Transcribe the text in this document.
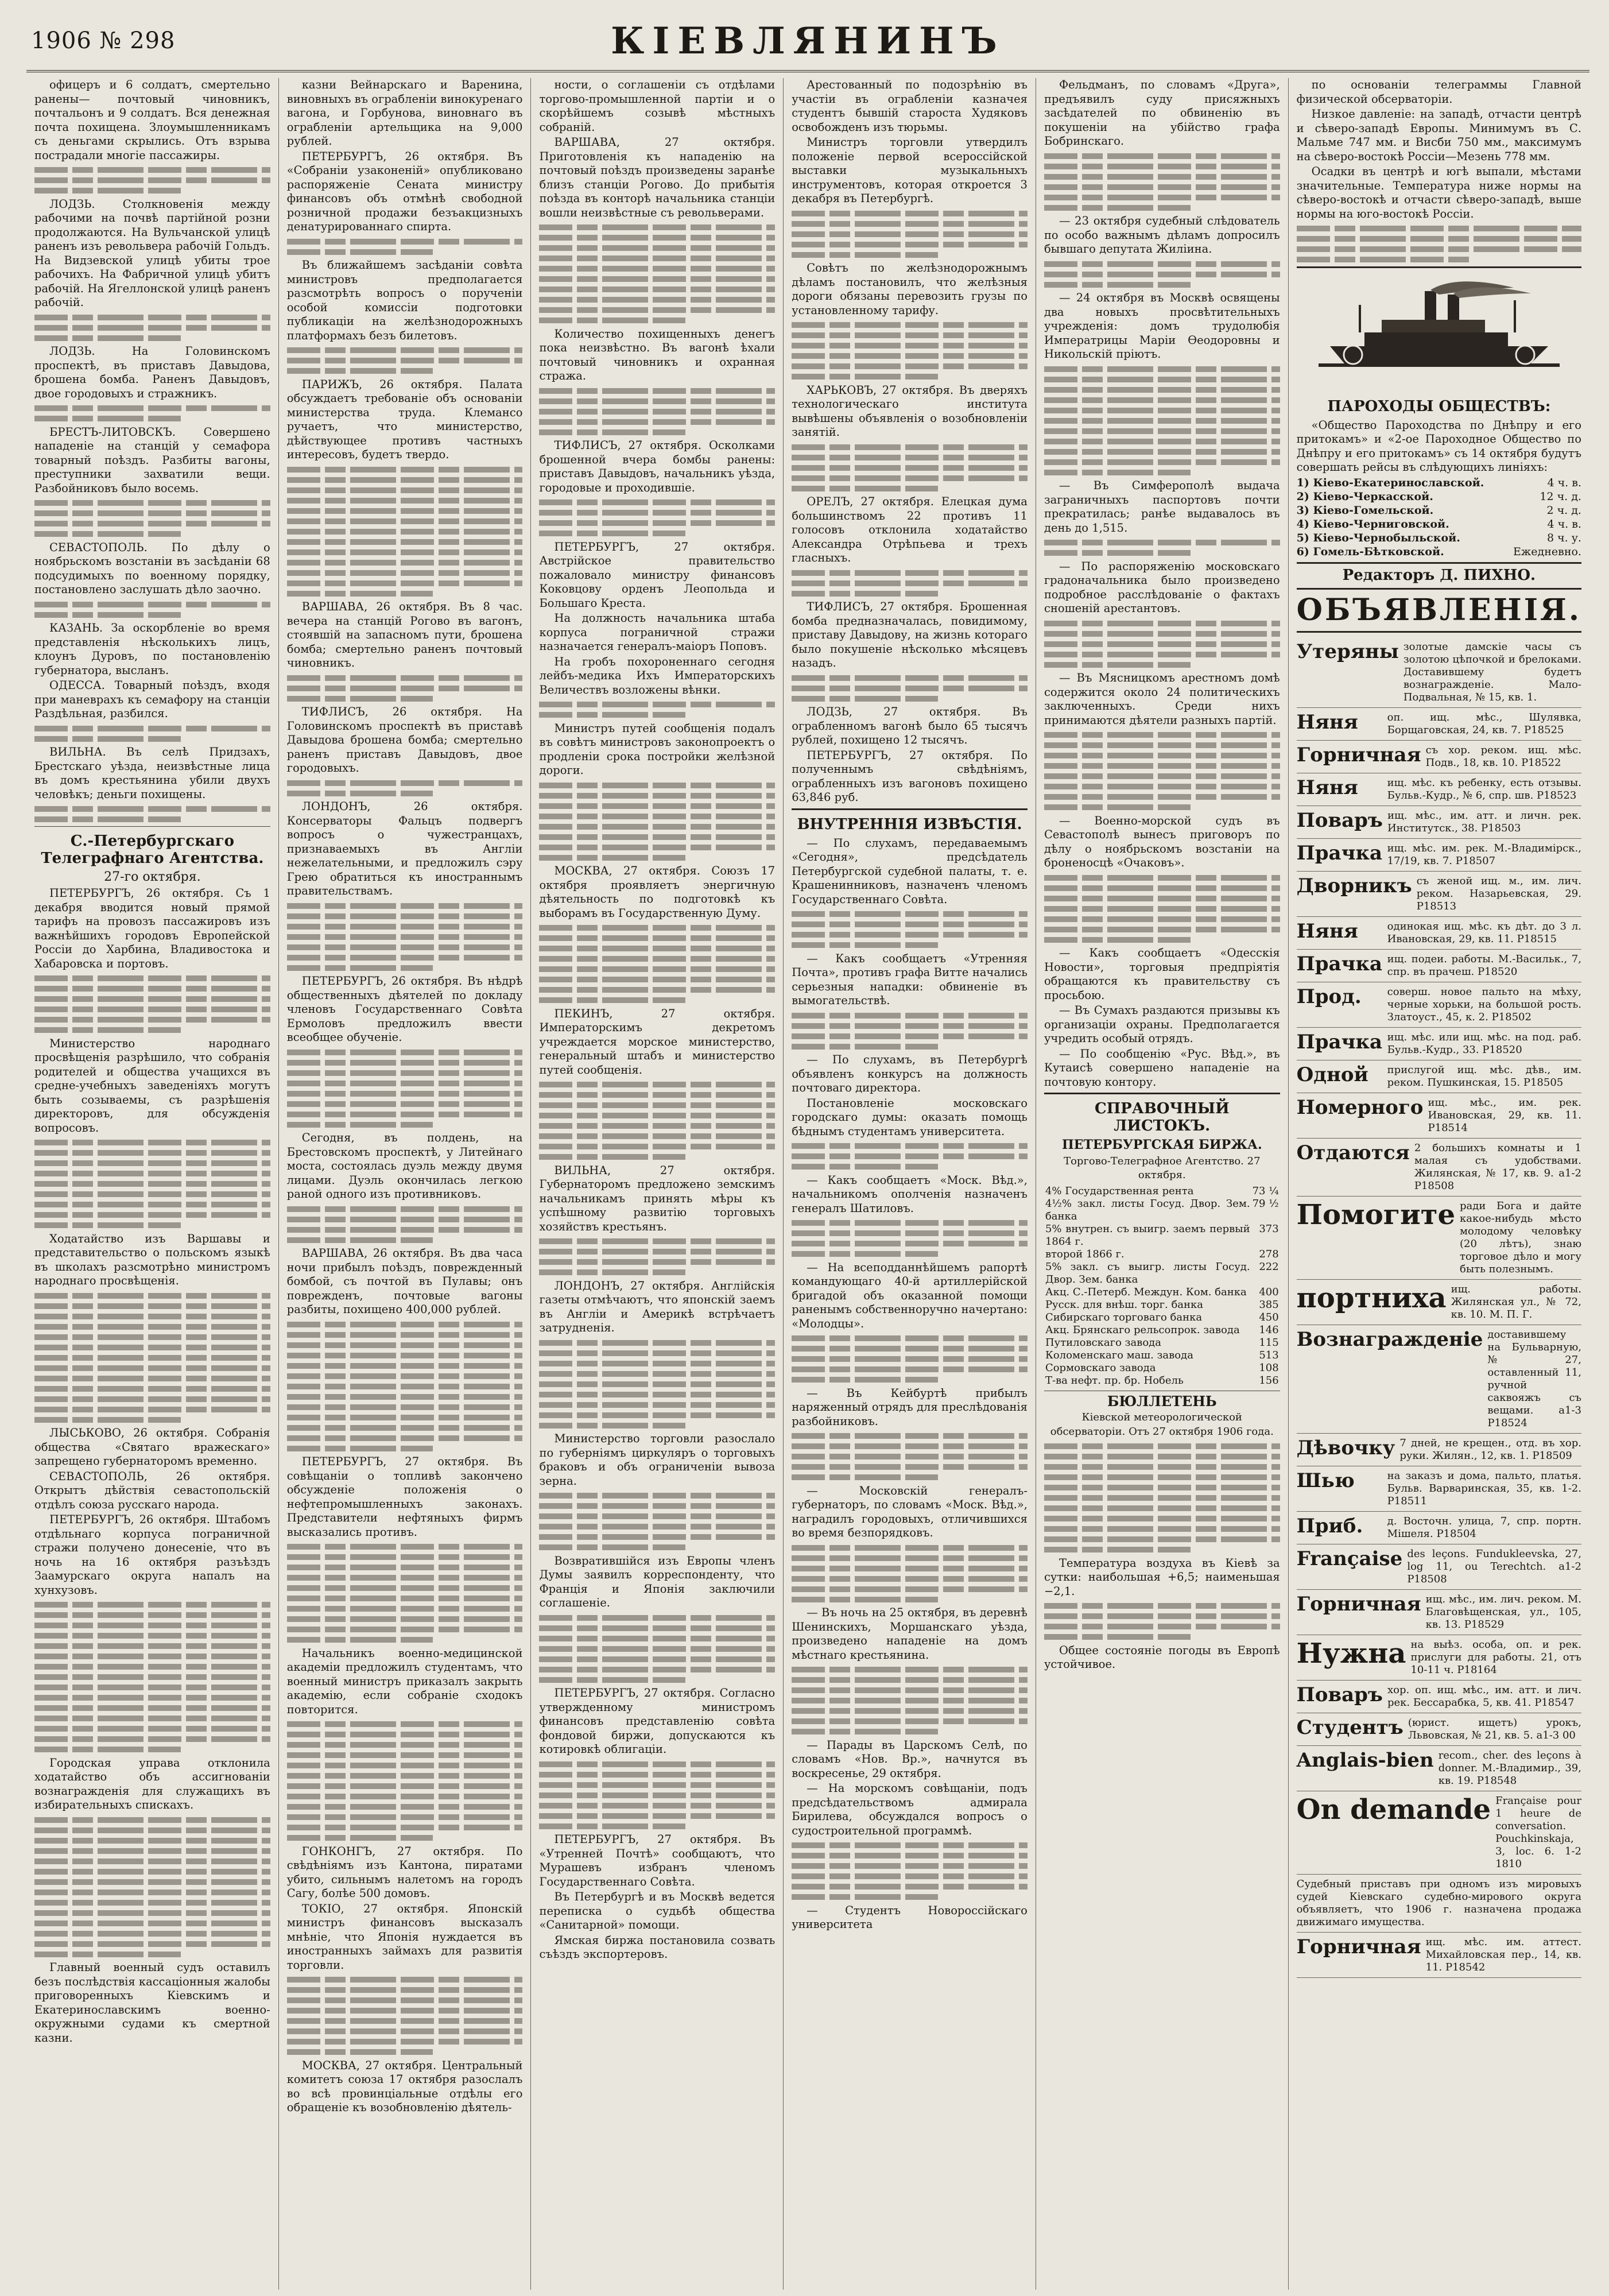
1906 № 298	КІЕВЛЯНИНЪ

офицеръ и 6 солдатъ, смертельно ранены— почтовый чиновникъ, почтальонъ и 9 солдатъ. Вся денежная почта похищена. Злоумышленникамъ съ деньгами скрылись. Отъ взрыва пострадали многіе пассажиры.

ЛОДЗЬ. Столкновенія между рабочими на почвѣ партійной розни продолжаются. На Вульчанской улицѣ раненъ изъ револьвера рабочій Гольдъ. На Видзевской улицѣ убиты трое рабочихъ. На Фабричной улицѣ убитъ рабочій. На Ягеллонской улицѣ раненъ рабочій.

ЛОДЗЬ. На Головинскомъ проспектѣ, въ приставъ Давыдова, брошена бомба. Раненъ Давыдовъ, двое городовыхъ и стражникъ.

БРЕСТЪ-ЛИТОВСКЪ. Совершено нападеніе на станцій у семафора товарный поѣздъ. Разбиты вагоны, преступники захватили вещи. Разбойниковъ было восемь.

СЕВАСТОПОЛЬ. По дѣлу о ноябрьскомъ возстаніи въ засѣданіи 68 подсудимыхъ по военному порядку, постановлено заслушать дѣло заочно.

КАЗАНЬ. За оскорбленіе во время представленія нѣсколькихъ лицъ, клоунъ Дуровъ, по постановленію губернатора, высланъ.

ОДЕССА. Товарный поѣздъ, входя при маневрахъ къ семафору на станціи Раздѣльная, разбился.

ВИЛЬНА. Въ селѣ Придзахъ, Брестскаго уѣзда, неизвѣстные лица въ домъ крестьянина убили двухъ человѣкъ; деньги похищены.

С.-Петербургскаго Телеграфнаго Агентства.

27-го октября.

ПЕТЕРБУРГЪ, 26 октября. Съ 1 декабря вводится новый прямой тарифъ на провозъ пассажировъ изъ важнѣйшихъ городовъ Европейской Россіи до Харбина, Владивостока и Хабаровска и портовъ.

Министерство народнаго просвѣщенія разрѣшило, что собранія родителей и общества учащихся въ средне-учебныхъ заведеніяхъ могутъ быть созываемы, съ разрѣшенія директоровъ, для обсужденія вопросовъ.

Ходатайство изъ Варшавы и представительство о польскомъ языкѣ въ школахъ разсмотрѣно министромъ народнаго просвѣщенія.

ЛЫСЬКОВО, 26 октября. Собранія общества «Святаго вражескаго» запрещено губернаторомъ временно.

СЕВАСТОПОЛЬ, 26 октября. Открытъ дѣйствія севастопольскій отдѣлъ союза русскаго народа.

ПЕТЕРБУРГЪ, 26 октября. Штабомъ отдѣльнаго корпуса пограничной стражи получено донесеніе, что въ ночь на 16 октября разъѣздъ Заамурскаго округа напалъ на хунхузовъ.

Городская управа отклонила ходатайство объ ассигнованіи вознагражденія для служащихъ въ избирательныхъ спискахъ.

Главный военный судъ оставилъ безъ послѣдствія кассаціонныя жалобы приговоренныхъ Кіевскимъ и Екатеринославскимъ военно-окружными судами къ смертной казни.

казни Вейнарскаго и Варенина, виновныхъ въ ограбленіи винокуренаго вагона, и Горбунова, виновнаго въ ограбленіи артельщика на 9,000 рублей.

ПЕТЕРБУРГЪ, 26 октября. Въ «Собраніи узаконеній» опубликовано распоряженіе Сената министру финансовъ объ отмѣнѣ свободной розничной продажи безъакцизныхъ денатурированнаго спирта.

Въ ближайшемъ засѣданіи совѣта министровъ предполагается разсмотрѣть вопросъ о порученіи особой комиссіи подготовки публикаціи на желѣзнодорожныхъ платформахъ безъ билетовъ.

ПАРИЖЪ, 26 октября. Палата обсуждаетъ требованіе объ основаніи министерства труда. Клемансо ручаетъ, что министерство, дѣйствующее противъ частныхъ интересовъ, будетъ твердо.

ВАРШАВА, 26 октября. Въ 8 час. вечера на станцій Рогово въ вагонъ, стоявшій на запасномъ пути, брошена бомба; смертельно раненъ почтовый чиновникъ.

ТИФЛИСЪ, 26 октября. На Головинскомъ проспектѣ въ приставѣ Давыдова брошена бомба; смертельно раненъ приставъ Давыдовъ, двое городовыхъ.

ЛОНДОНЪ, 26 октября. Консерваторы Фальцъ подвергъ вопросъ о чужестранцахъ, признаваемыхъ въ Англіи нежелательными, и предложилъ сэру Грею обратиться къ иностраннымъ правительствамъ.

ПЕТЕРБУРГЪ, 26 октября. Въ нѣдрѣ общественныхъ дѣятелей по докладу членовъ Государственнаго Совѣта Ермоловъ предложилъ ввести всеобщее обученіе.

Сегодня, въ полдень, на Брестовскомъ проспектѣ, у Литейнаго моста, состоялась дуэль между двумя лицами. Дуэль окончилась легкою раной одного изъ противниковъ.

ВАРШАВА, 26 октября. Въ два часа ночи прибылъ поѣздъ, поврежденный бомбой, съ почтой въ Пулавы; онъ поврежденъ, почтовые вагоны разбиты, похищено 400,000 рублей.

ПЕТЕРБУРГЪ, 27 октября. Въ совѣщаніи о топливѣ закончено обсужденіе положенія о нефтепромышленныхъ законахъ. Представители нефтяныхъ фирмъ высказались противъ.

Начальникъ военно-медицинской академіи предложилъ студентамъ, что военный министръ приказалъ закрыть академію, если собраніе сходокъ повторится.

ГОНКОНГЪ, 27 октября. По свѣдѣніямъ изъ Кантона, пиратами убито, сильнымъ налетомъ на городъ Сагу, болѣе 500 домовъ.

ТОКІО, 27 октября. Японскій министръ финансовъ высказалъ мнѣніе, что Японія нуждается въ иностранныхъ займахъ для развитія торговли.

МОСКВА, 27 октября. Центральный комитетъ союза 17 октября разослалъ во всѣ провинціальные отдѣлы его обращеніе къ возобновленію дѣятель-

ности, о соглашеніи съ отдѣлами торгово-промышленной партіи и о скорѣйшемъ созывѣ мѣстныхъ собраній.

ВАРШАВА, 27 октября. Приготовленія къ нападенію на почтовый поѣздъ произведены заранѣе близъ станціи Рогово. До прибытія поѣзда въ конторѣ начальника станціи вошли неизвѣстные съ револьверами.

Количество похищенныхъ денегъ пока неизвѣстно. Въ вагонѣ ѣхали почтовый чиновникъ и охранная стража.

ТИФЛИСЪ, 27 октября. Осколками брошенной вчера бомбы ранены: приставъ Давыдовъ, начальникъ уѣзда, городовые и проходившіе.

ПЕТЕРБУРГЪ, 27 октября. Австрійское правительство пожаловало министру финансовъ Коковцову орденъ Леопольда и Большаго Креста.

На должность начальника штаба корпуса пограничной стражи назначается генералъ-маіоръ Поповъ.

На гробъ похороненнаго сегодня лейбъ-медика Ихъ Императорскихъ Величествъ возложены вѣнки.

Министръ путей сообщенія подалъ въ совѣтъ министровъ законопроектъ о продленіи срока постройки желѣзной дороги.

МОСКВА, 27 октября. Союзъ 17 октября проявляетъ энергичную дѣятельность по подготовкѣ къ выборамъ въ Государственную Думу.

ПЕКИНЪ, 27 октября. Императорскимъ декретомъ учреждается морское министерство, генеральный штабъ и министерство путей сообщенія.

ВИЛЬНА, 27 октября. Губернаторомъ предложено земскимъ начальникамъ принять мѣры къ успѣшному развитію торговыхъ хозяйствъ крестьянъ.

ЛОНДОНЪ, 27 октября. Англійскія газеты отмѣчаютъ, что японскій заемъ въ Англіи и Америкѣ встрѣчаетъ затрудненія.

Министерство торговли разослало по губерніямъ циркуляръ о торговыхъ браковъ и объ ограниченіи вывоза зерна.

Возвратившійся изъ Европы членъ Думы заявилъ корреспонденту, что Франція и Японія заключили соглашеніе.

ПЕТЕРБУРГЪ, 27 октября. Согласно утвержденному министромъ финансовъ представленію совѣта фондовой биржи, допускаются къ котировкѣ облигаціи.

ПЕТЕРБУРГЪ, 27 октября. Въ «Утренней Почтѣ» сообщаютъ, что Мурашевъ избранъ членомъ Государственнаго Совѣта.

Въ Петербургѣ и въ Москвѣ ведется переписка о судьбѣ общества «Санитарной» помощи.

Ямская биржа постановила созвать съѣздъ экспортеровъ.

Арестованный по подозрѣнію въ участіи въ ограбленіи казначея студентъ бывшій староста Худяковъ освобожденъ изъ тюрьмы.

Министръ торговли утвердилъ положеніе первой всероссійской выставки музыкальныхъ инструментовъ, которая откроется 3 декабря въ Петербургѣ.

Совѣтъ по желѣзнодорожнымъ дѣламъ постановилъ, что желѣзныя дороги обязаны перевозить грузы по установленному тарифу.

ХАРЬКОВЪ, 27 октября. Въ дверяхъ технологическаго института вывѣшены объявленія о возобновленіи занятій.

ОРЕЛЪ, 27 октября. Елецкая дума большинствомъ 22 противъ 11 голосовъ отклонила ходатайство Александра Отрѣпьева и трехъ гласныхъ.

ТИФЛИСЪ, 27 октября. Брошенная бомба предназначалась, повидимому, приставу Давыдову, на жизнь котораго было покушеніе нѣсколько мѣсяцевъ назадъ.

ЛОДЗЬ, 27 октября. Въ ограбленномъ вагонѣ было 65 тысячъ рублей, похищено 12 тысячъ.

ПЕТЕРБУРГЪ, 27 октября. По полученнымъ свѣдѣніямъ, ограбленныхъ изъ вагоновъ похищено 63,846 руб.

ВНУТРЕННІЯ ИЗВѢСТІЯ.

— По слухамъ, передаваемымъ «Сегодня», предсѣдатель Петербургской судебной палаты, т. е. Крашенинниковъ, назначенъ членомъ Государственнаго Совѣта.

— Какъ сообщаетъ «Утренняя Почта», противъ графа Витте начались серьезныя нападки: обвиненіе въ вымогательствѣ.

— По слухамъ, въ Петербургѣ объявленъ конкурсъ на должность почтоваго директора.

Постановленіе московскаго городскаго думы: оказать помощь бѣднымъ студентамъ университета.

— Какъ сообщаетъ «Моск. Вѣд.», начальникомъ ополченія назначенъ генералъ Шатиловъ.

— На всеподданнѣйшемъ рапортѣ командующаго 40-й артиллерійской бригадой объ оказанной помощи раненымъ собственноручно начертано: «Молодцы».

— Въ Кейбуртѣ прибылъ наряженный отрядъ для преслѣдованія разбойниковъ.

— Московскій генералъ-губернаторъ, по словамъ «Моск. Вѣд.», наградилъ городовыхъ, отличившихся во время безпорядковъ.

— Въ ночь на 25 октября, въ деревнѣ Шенинскихъ, Моршанскаго уѣзда, произведено нападеніе на домъ мѣстнаго крестьянина.

— Парады въ Царскомъ Селѣ, по словамъ «Нов. Вр.», начнутся въ воскресенье, 29 октября.

— На морскомъ совѣщаніи, подъ предсѣдательствомъ адмирала Бирилева, обсуждался вопросъ о судостроительной программѣ.

— Студентъ Новороссійскаго университета

Фельдманъ, по словамъ «Друга», предъявилъ суду присяжныхъ засѣдателей по обвиненію въ покушеніи на убійство графа Бобринскаго.

— 23 октября судебный слѣдователь по особо важнымъ дѣламъ допросилъ бывшаго депутата Жиліина.

— 24 октября въ Москвѣ освящены два новыхъ просвѣтительныхъ учрежденія: домъ трудолюбія Императрицы Маріи Ѳеодоровны и Никольскій пріютъ.

— Въ Симферополѣ выдача заграничныхъ паспортовъ почти прекратилась; ранѣе выдавалось въ день до 1,515.

— По распоряженію московскаго градоначальника было произведено подробное расслѣдованіе о фактахъ сношеній арестантовъ.

— Въ Мясницкомъ арестномъ домѣ содержится около 24 политическихъ заключенныхъ. Среди нихъ принимаются дѣятели разныхъ партій.

— Военно-морской судъ въ Севастополѣ вынесъ приговоръ по дѣлу о ноябрьскомъ возстаніи на броненосцѣ «Очаковъ».

— Какъ сообщаетъ «Одесскія Новости», торговыя предпріятія обращаются къ правительству съ просьбою.

— Въ Сумахъ раздаются призывы къ организаціи охраны. Предполагается учредить особый отрядъ.

— По сообщенію «Рус. Вѣд.», въ Кутаисѣ совершено нападеніе на почтовую контору.

СПРАВОЧНЫЙ ЛИСТОКЪ.

ПЕТЕРБУРГСКАЯ БИРЖА.

Торгово-Телеграфное Агентство. 27 октября.

4% Государственная рента	73 ¼
4½% закл. листы Госуд. Двор. Зем. банка	79 ½
5% внутрен. съ выигр. заемъ первый 1864 г.	373
второй 1866 г.	278
5% закл. съ выигр. листы Госуд. Двор. Зем. банка	222
Акц. С.-Петерб. Междун. Ком. банка	400
Русск. для внѣш. торг. банка	385
Сибирскаго торговаго банка	450
Акц. Брянскаго рельсопрок. завода	146
Путиловскаго завода	115
Коломенскаго маш. завода	513
Сормовскаго завода	108
Т-ва нефт. пр. бр. Нобель	156

БЮЛЛЕТЕНЬ

Кіевской метеорологической обсерваторіи. Отъ 27 октября 1906 года.

Температура воздуха въ Кіевѣ за сутки: наибольшая +6,5; наименьшая −2,1.

Общее состояніе погоды въ Европѣ устойчивое.

по основаніи телеграммы Главной физической обсерваторіи.

Низкое давленіе: на западѣ, отчасти центрѣ и сѣверо-западѣ Европы. Минимумъ въ С. Мальме 747 мм. и Висби 750 мм., максимумъ на сѣверо-востокѣ Россіи—Мезень 778 мм.

Осадки въ центрѣ и югѣ выпали, мѣстами значительные. Температура ниже нормы на сѣверо-востокѣ и отчасти сѣверо-западѣ, выше нормы на юго-востокѣ Россіи.

ПАРОХОДЫ ОБЩЕСТВЪ:

«Общество Пароходства по Днѣпру и его притокамъ» и «2-ое Пароходное Общество по Днѣпру и его притокамъ» съ 14 октября будутъ совершать рейсы въ слѣдующихъ линіяхъ:

1) Кіево-Екатеринославской.	4 ч. в.
2) Кіево-Черкасской.	12 ч. д.
3) Кіево-Гомельской.	2 ч. д.
4) Кіево-Черниговской.	4 ч. в.
5) Кіево-Чернобыльской.	8 ч. у.
6) Гомель-Бѣтковской.	Ежедневно.
Редакторъ Д. ПИХНО.
ОБЪЯВЛЕНІЯ.
Утеряны золотые дамскіе часы съ золотою цѣпочкой и брелоками. Доставившему будетъ вознагражденіе. Мало-Подвальная, № 15, кв. 1.
Няня	оп. ищ. мѣс., Шулявка, Борщаговская, 24, кв. 7. Р18525
Горничная съ хор. реком. ищ. мѣс. Подв., 18, кв. 10. Р18522
Няня	ищ. мѣс. къ ребенку, есть отзывы. Бульв.-Кудр., № 6, спр. шв. Р18523
Поваръ ищ. мѣс., им. атт. и личн. рек. Институтск., 38. Р18503
Прачка ищ. мѣс. им. рек. М.-Владимірск., 17/19, кв. 7. Р18507
Дворникъ съ женой ищ. м., им. лич. реком. Назарьевская, 29. Р18513
Няня	одинокая ищ. мѣс. къ дѣт. до 3 л. Ивановская, 29, кв. 11. Р18515
Прачка ищ. подеи. работы. М.-Васильк., 7, спр. въ прачеш. Р18520
Прод.	соверш. новое пальто на мѣху, черные хорьки, на большой рость. Златоуст., 45, к. 2. Р18502
Прачка ищ. мѣс. или ищ. мѣс. на под. раб. Бульв.-Кудр., 33. Р18520
Одной	прислугой ищ. мѣс. дѣв., им. реком. Пушкинская, 15. Р18505
Номерного ищ. мѣс., им. рек. Ивановская, 29, кв. 11. Р18514
Отдаются 2 большихъ комнаты и 1 малая съ удобствами. Жилянская, № 17, кв. 9. а1-2 Р18508
Помогите ради Бога и дайте какое-нибудь мѣсто молодому человѣку (20 лѣтъ), знаю торговое дѣло и могу быть полезнымъ.
портниха ищ. работы. Жилянская ул., № 72, кв. 10. М. П. Г.
Вознагражденіе доставившему на Бульварную, № 27, оставленный 11, ручной саквояжъ съ вещами. а1-3 Р18524
Дѣвочку 7 дней, не крещен., отд. въ хор. руки. Жилян., 12, кв. 1. Р18509
Шью	на заказъ и дома, пальто, платья. Бульв. Варваринская, 35, кв. 1-2. Р18511
Приб.	д. Восточн. улица, 7, спр. портн. Мішеля. Р18504
Française des leçons. Fundukleevska, 27, log 11, ou Terechtch. a1-2 Р18508
Горничная ищ. мѣс., им. лич. реком. М. Благовѣщенская, ул., 105, кв. 13. Р18529
Нужна на выѣз. особа, оп. и рек. прислуги для работы. 21, отъ 10-11 ч. Р18164
Поваръ хор. оп. ищ. мѣс., им. атт. и лич. рек. Бессарабка, 5, кв. 41. Р18547
Студентъ (юрист. ищетъ) урокъ, Львовская, № 21, кв. 5. а1-3 00
Anglais-bien recom., cher. des leçons à donner. М.-Владимир., 39, кв. 19. Р18548
On demande Française pour 1 heure de conversation. Pouchkinskaja, 3, loc. 6. 1-2 1810
Судебный приставъ при одномъ изъ мировыхъ судей Кіевскаго судебно-мирового округа объявляетъ, что 1906 г. назначена продажа движимаго имущества.
Горничная ищ. мѣс. им. аттест. Михайловская пер., 14, кв. 11. Р18542
